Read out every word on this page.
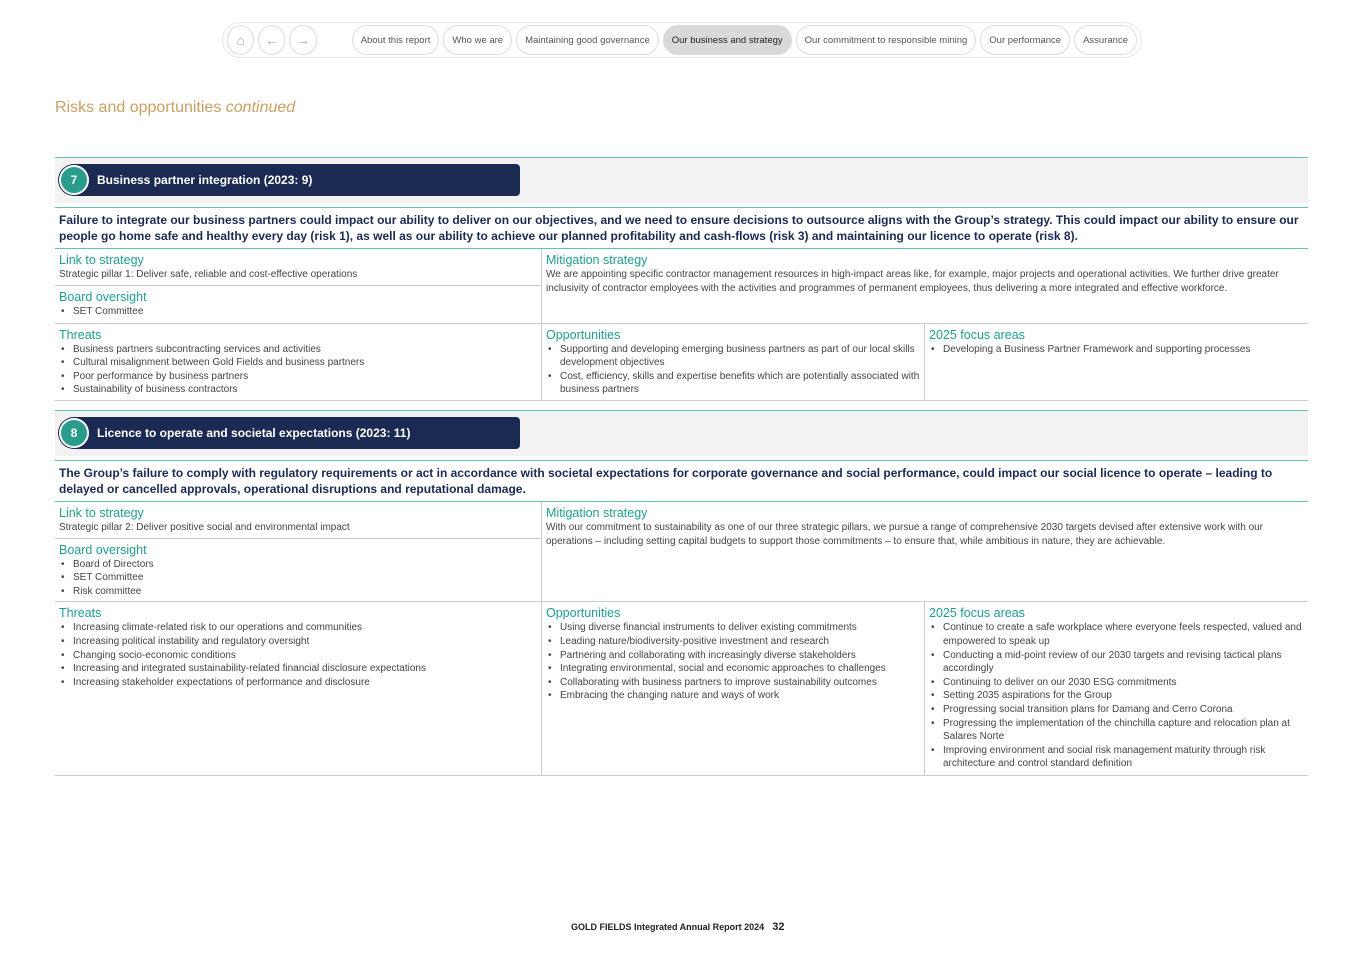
⌂	←	→	About this report	Who we are	Maintaining good governance	Our business and strategy	Our commitment to responsible mining	Our performance	Assurance
Risks and opportunities continued
7	Business partner integration (2023: 9)
Failure to integrate our business partners could impact our ability to deliver on our objectives, and we need to ensure decisions to outsource aligns with the Group’s strategy. This could impact our ability to ensure our people go home safe and healthy every day (risk 1), as well as our ability to achieve our planned profitability and cash-flows (risk 3) and maintaining our licence to operate (risk 8).
Link to strategy

Strategic pillar 1: Deliver safe, reliable and cost-effective operations

Board oversight
• SET Committee
Mitigation strategy

We are appointing specific contractor management resources in high-impact areas like, for example, major projects and operational activities. We further drive greater inclusivity of contractor employees with the activities and programmes of permanent employees, thus delivering a more integrated and effective workforce.

Threats
• Business partners subcontracting services and activities
• Cultural misalignment between Gold Fields and business partners
• Poor performance by business partners
• Sustainability of business contractors
Opportunities
• Supporting and developing emerging business partners as part of our local skills development objectives
• Cost, efficiency, skills and expertise benefits which are potentially associated with business partners
2025 focus areas
• Developing a Business Partner Framework and supporting processes
8	Licence to operate and societal expectations (2023: 11)
The Group’s failure to comply with regulatory requirements or act in accordance with societal expectations for corporate governance and social performance, could impact our social licence to operate – leading to delayed or cancelled approvals, operational disruptions and reputational damage.
Link to strategy

Strategic pillar 2: Deliver positive social and environmental impact

Board oversight
• Board of Directors
• SET Committee
• Risk committee
Mitigation strategy

With our commitment to sustainability as one of our three strategic pillars, we pursue a range of comprehensive 2030 targets devised after extensive work with our operations – including setting capital budgets to support those commitments – to ensure that, while ambitious in nature, they are achievable.

Threats
• Increasing climate-related risk to our operations and communities
• Increasing political instability and regulatory oversight
• Changing socio-economic conditions
• Increasing and integrated sustainability-related financial disclosure expectations
• Increasing stakeholder expectations of performance and disclosure
Opportunities
• Using diverse financial instruments to deliver existing commitments
• Leading nature/biodiversity-positive investment and research
• Partnering and collaborating with increasingly diverse stakeholders
• Integrating environmental, social and economic approaches to challenges
• Collaborating with business partners to improve sustainability outcomes
• Embracing the changing nature and ways of work
2025 focus areas
• Continue to create a safe workplace where everyone feels respected, valued and empowered to speak up
• Conducting a mid-point review of our 2030 targets and revising tactical plans accordingly
• Continuing to deliver on our 2030 ESG commitments
• Setting 2035 aspirations for the Group
• Progressing social transition plans for Damang and Cerro Corona
• Progressing the implementation of the chinchilla capture and relocation plan at Salares Norte
• Improving environment and social risk management maturity through risk architecture and control standard definition
GOLD FIELDS Integrated Annual Report 2024 32
